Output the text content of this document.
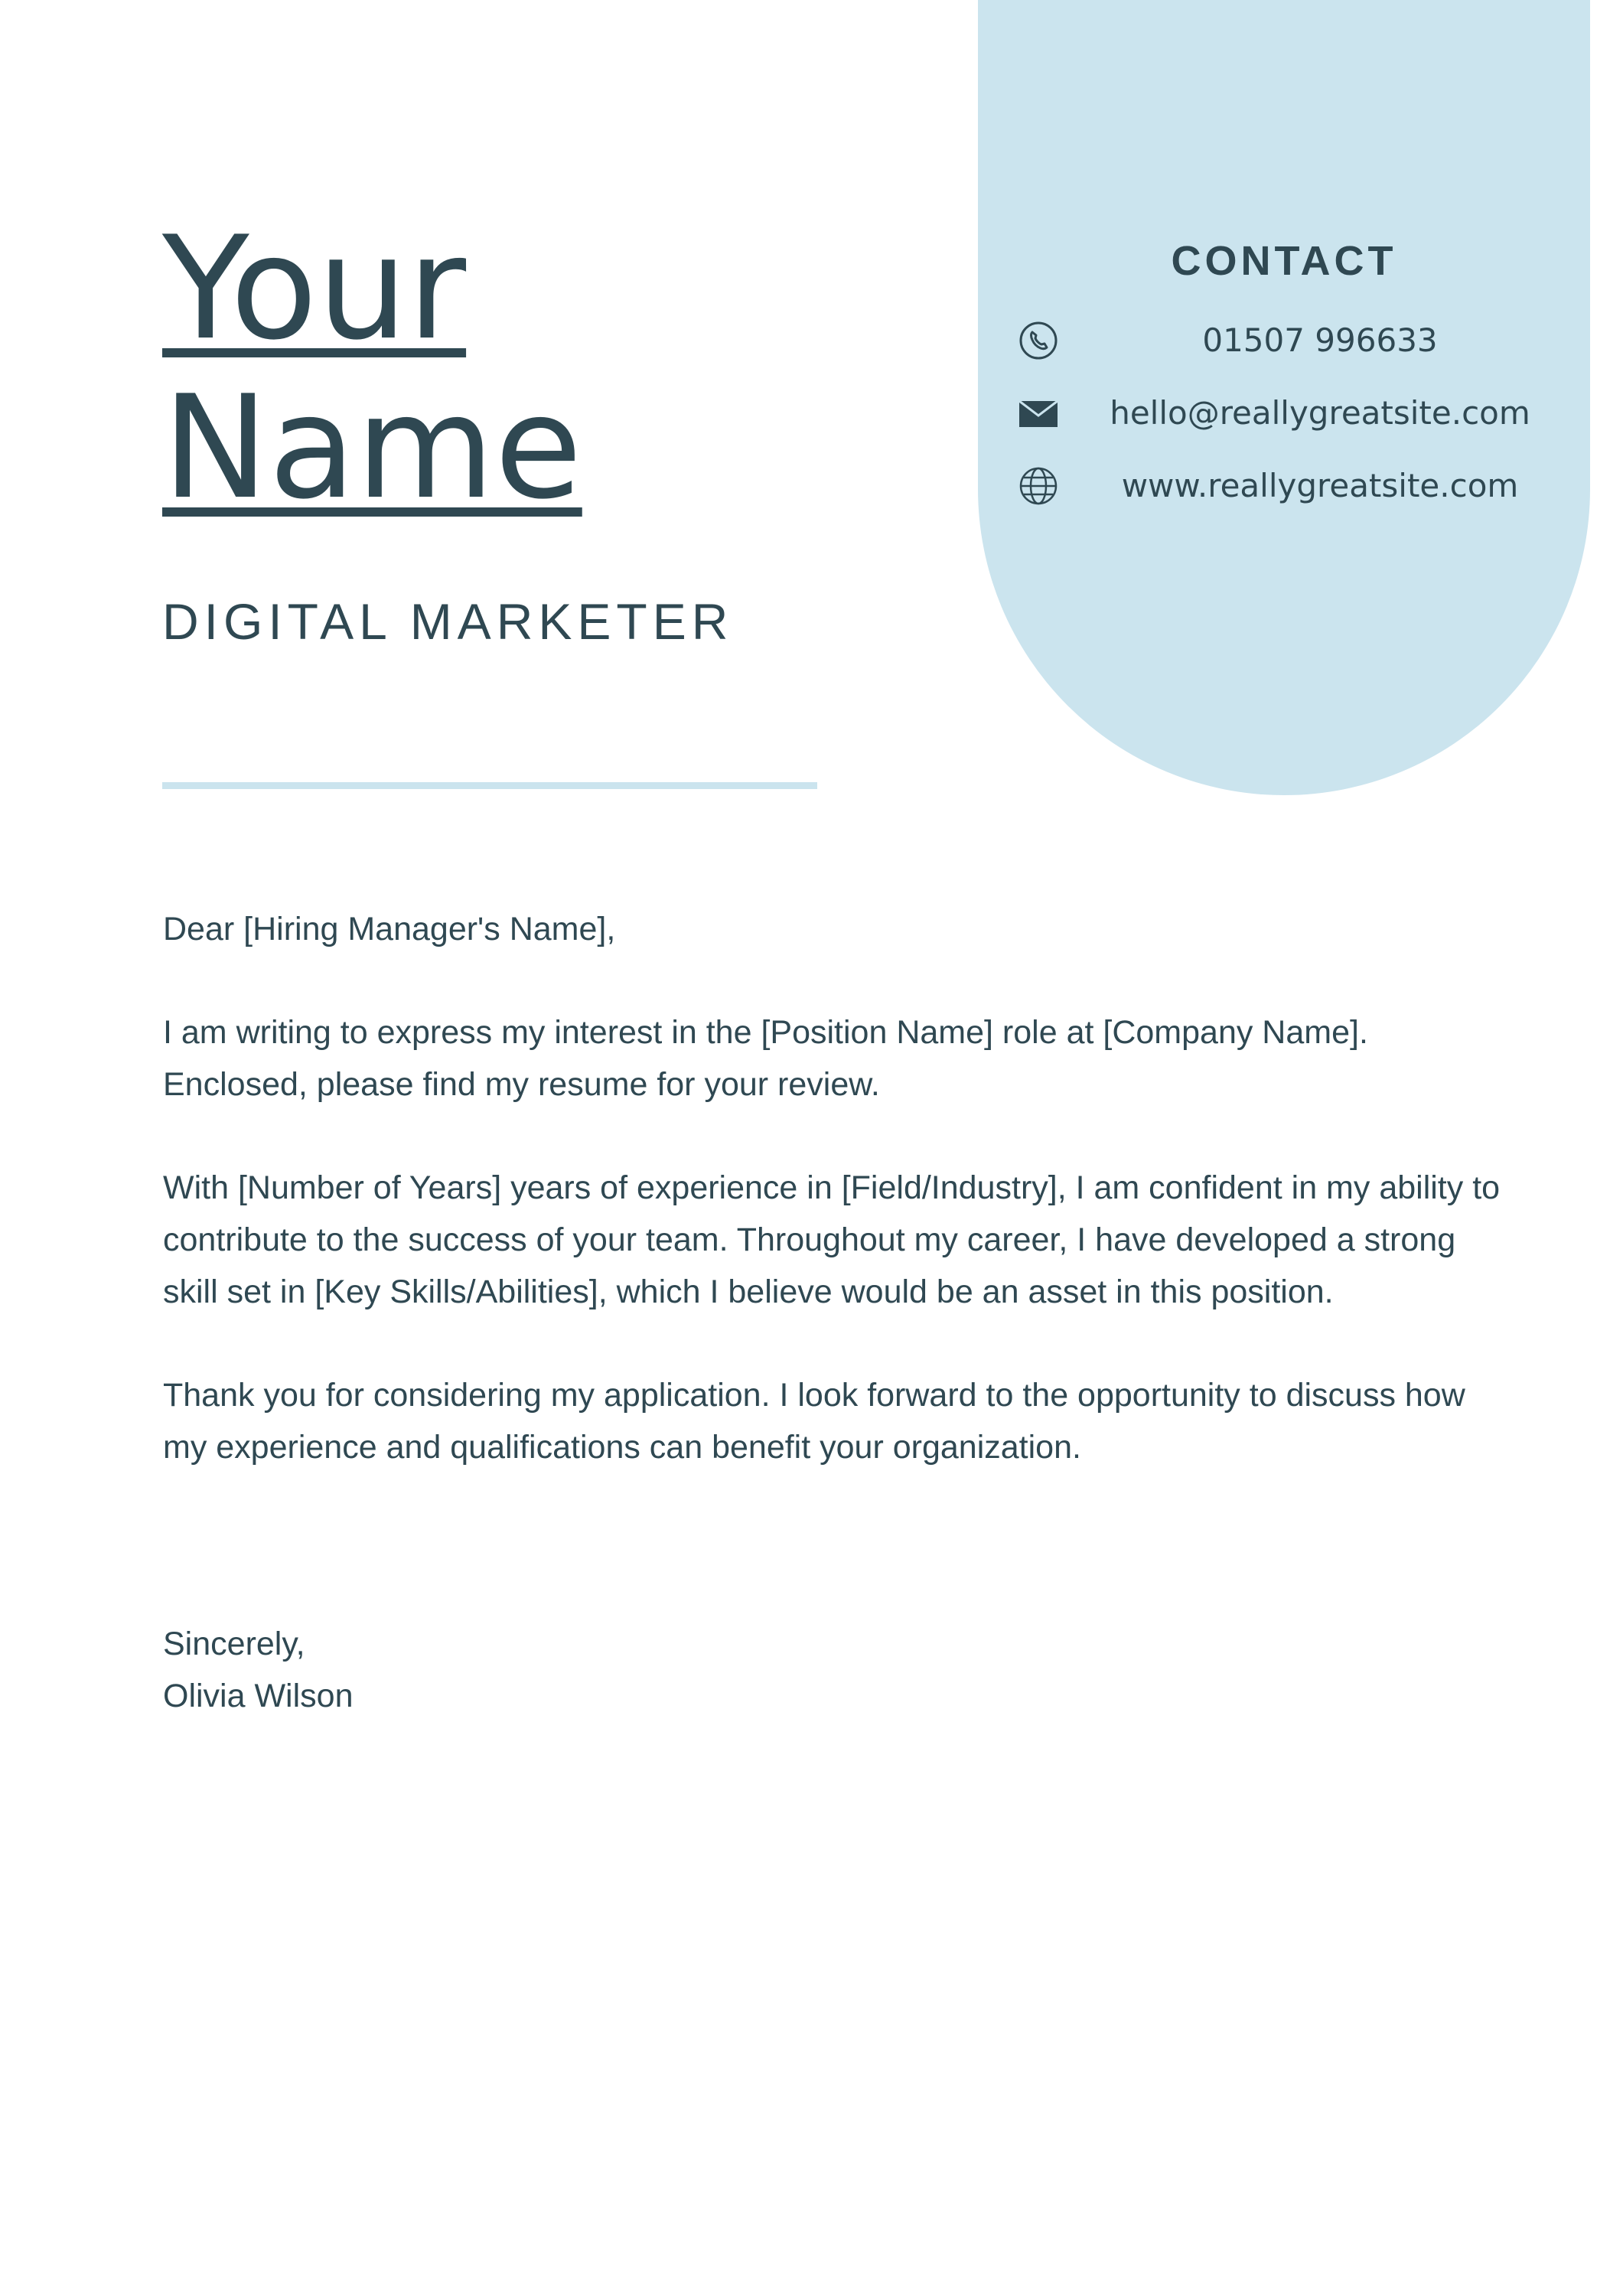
CONTACT
01507 996633
hello@reallygreatsite.com
www.reallygreatsite.com
Your
Name
DIGITAL MARKETER

Dear [Hiring Manager's Name],

I am writing to express my interest in the [Position Name] role at [Company Name]. Enclosed, please find my resume for your review.

With [Number of Years] years of experience in [Field/Industry], I am confident in my ability to contribute to the success of your team. Throughout my career, I have developed a strong skill set in [Key Skills/Abilities], which I believe would be an asset in this position.

Thank you for considering my application. I look forward to the opportunity to discuss how my experience and qualifications can benefit your organization.

Sincerely,
Olivia Wilson
